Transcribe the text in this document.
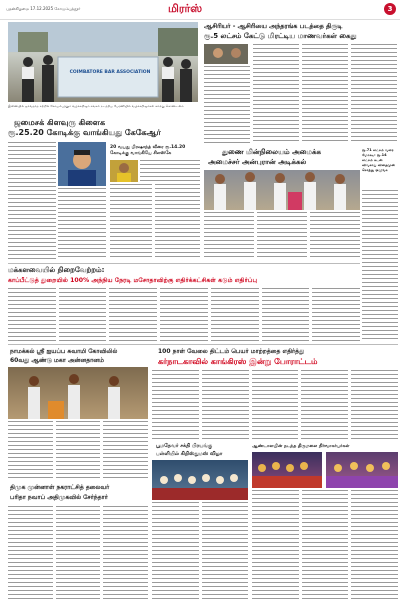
புதன்கிழமை 17.12.2025 கோயம்புத்தூர்	மிரர்ஸ்	3
COIMBATORE BAR ASSOCIATION
இணையில் ஓர்வதந்த சுற்றில் கோயம்புத்தூர் வழக்கறிஞர் சங்கம் நடத்திய பேரணியில் வழக்கறிஞர்கள் கலந்து கொண்டனர்.
ஜமைசக் கிளவுரு கிளைக
ரூ.25.20 கோடிக்கு வாங்கியது கேகேஆர்
20 வயது பிரஷாந்த் வீரை ரூ.14.20 கோடிக்கு வாங்கியே சிஎஸ்கே
ஆசிரியர் - ஆசிரியை அந்தரங்க படத்தை திருடி
ரூ.5 லட்சம் கேட்டு மிரட்டிய மாணவர்கள் கைது
துணை மின்நிலையம் அமைக்க
அமைச்சர் அன்புரான் அடிக்கல்
ரூ.71 லட்சம் வரை மோசடி: ரூ.14 லட்சம் கடன் விவசாய் விதைமுன் சொந்து ஒழுங்க
மக்களவையில் நிறைவேற்றம்:
காப்பீட்டுத் துறையில் 100% அந்நிய நேரடி மசோதாவிற்கு எதிர்க்கட்சிகள் கடும் எதிர்ப்பு
நாமக்கல் ஸ்ரீ ஐயப்ப சுவாமி கோவிலில்
60வது ஆண்டு மகா அன்னதானம்
100 நாள் வேலை திட்டம் பெயர் மாற்றத்தை எதிர்த்து
கர்நாடகாவில் காங்கிரஸ் இன்று போராட்டம்
பூமதேவர் சக்தி பிரயங்கு
பள்ளியில் கிறிஸ்துமஸ் விழா
ஆண்டாளயின் நடந்த திருமலை நிர்வாகர்பர்கள்
திமுக முன்னாள் நகராட்சித் தலைவர்
பரிதா நவாப் அதிமுகவில் சேர்ந்தார்
